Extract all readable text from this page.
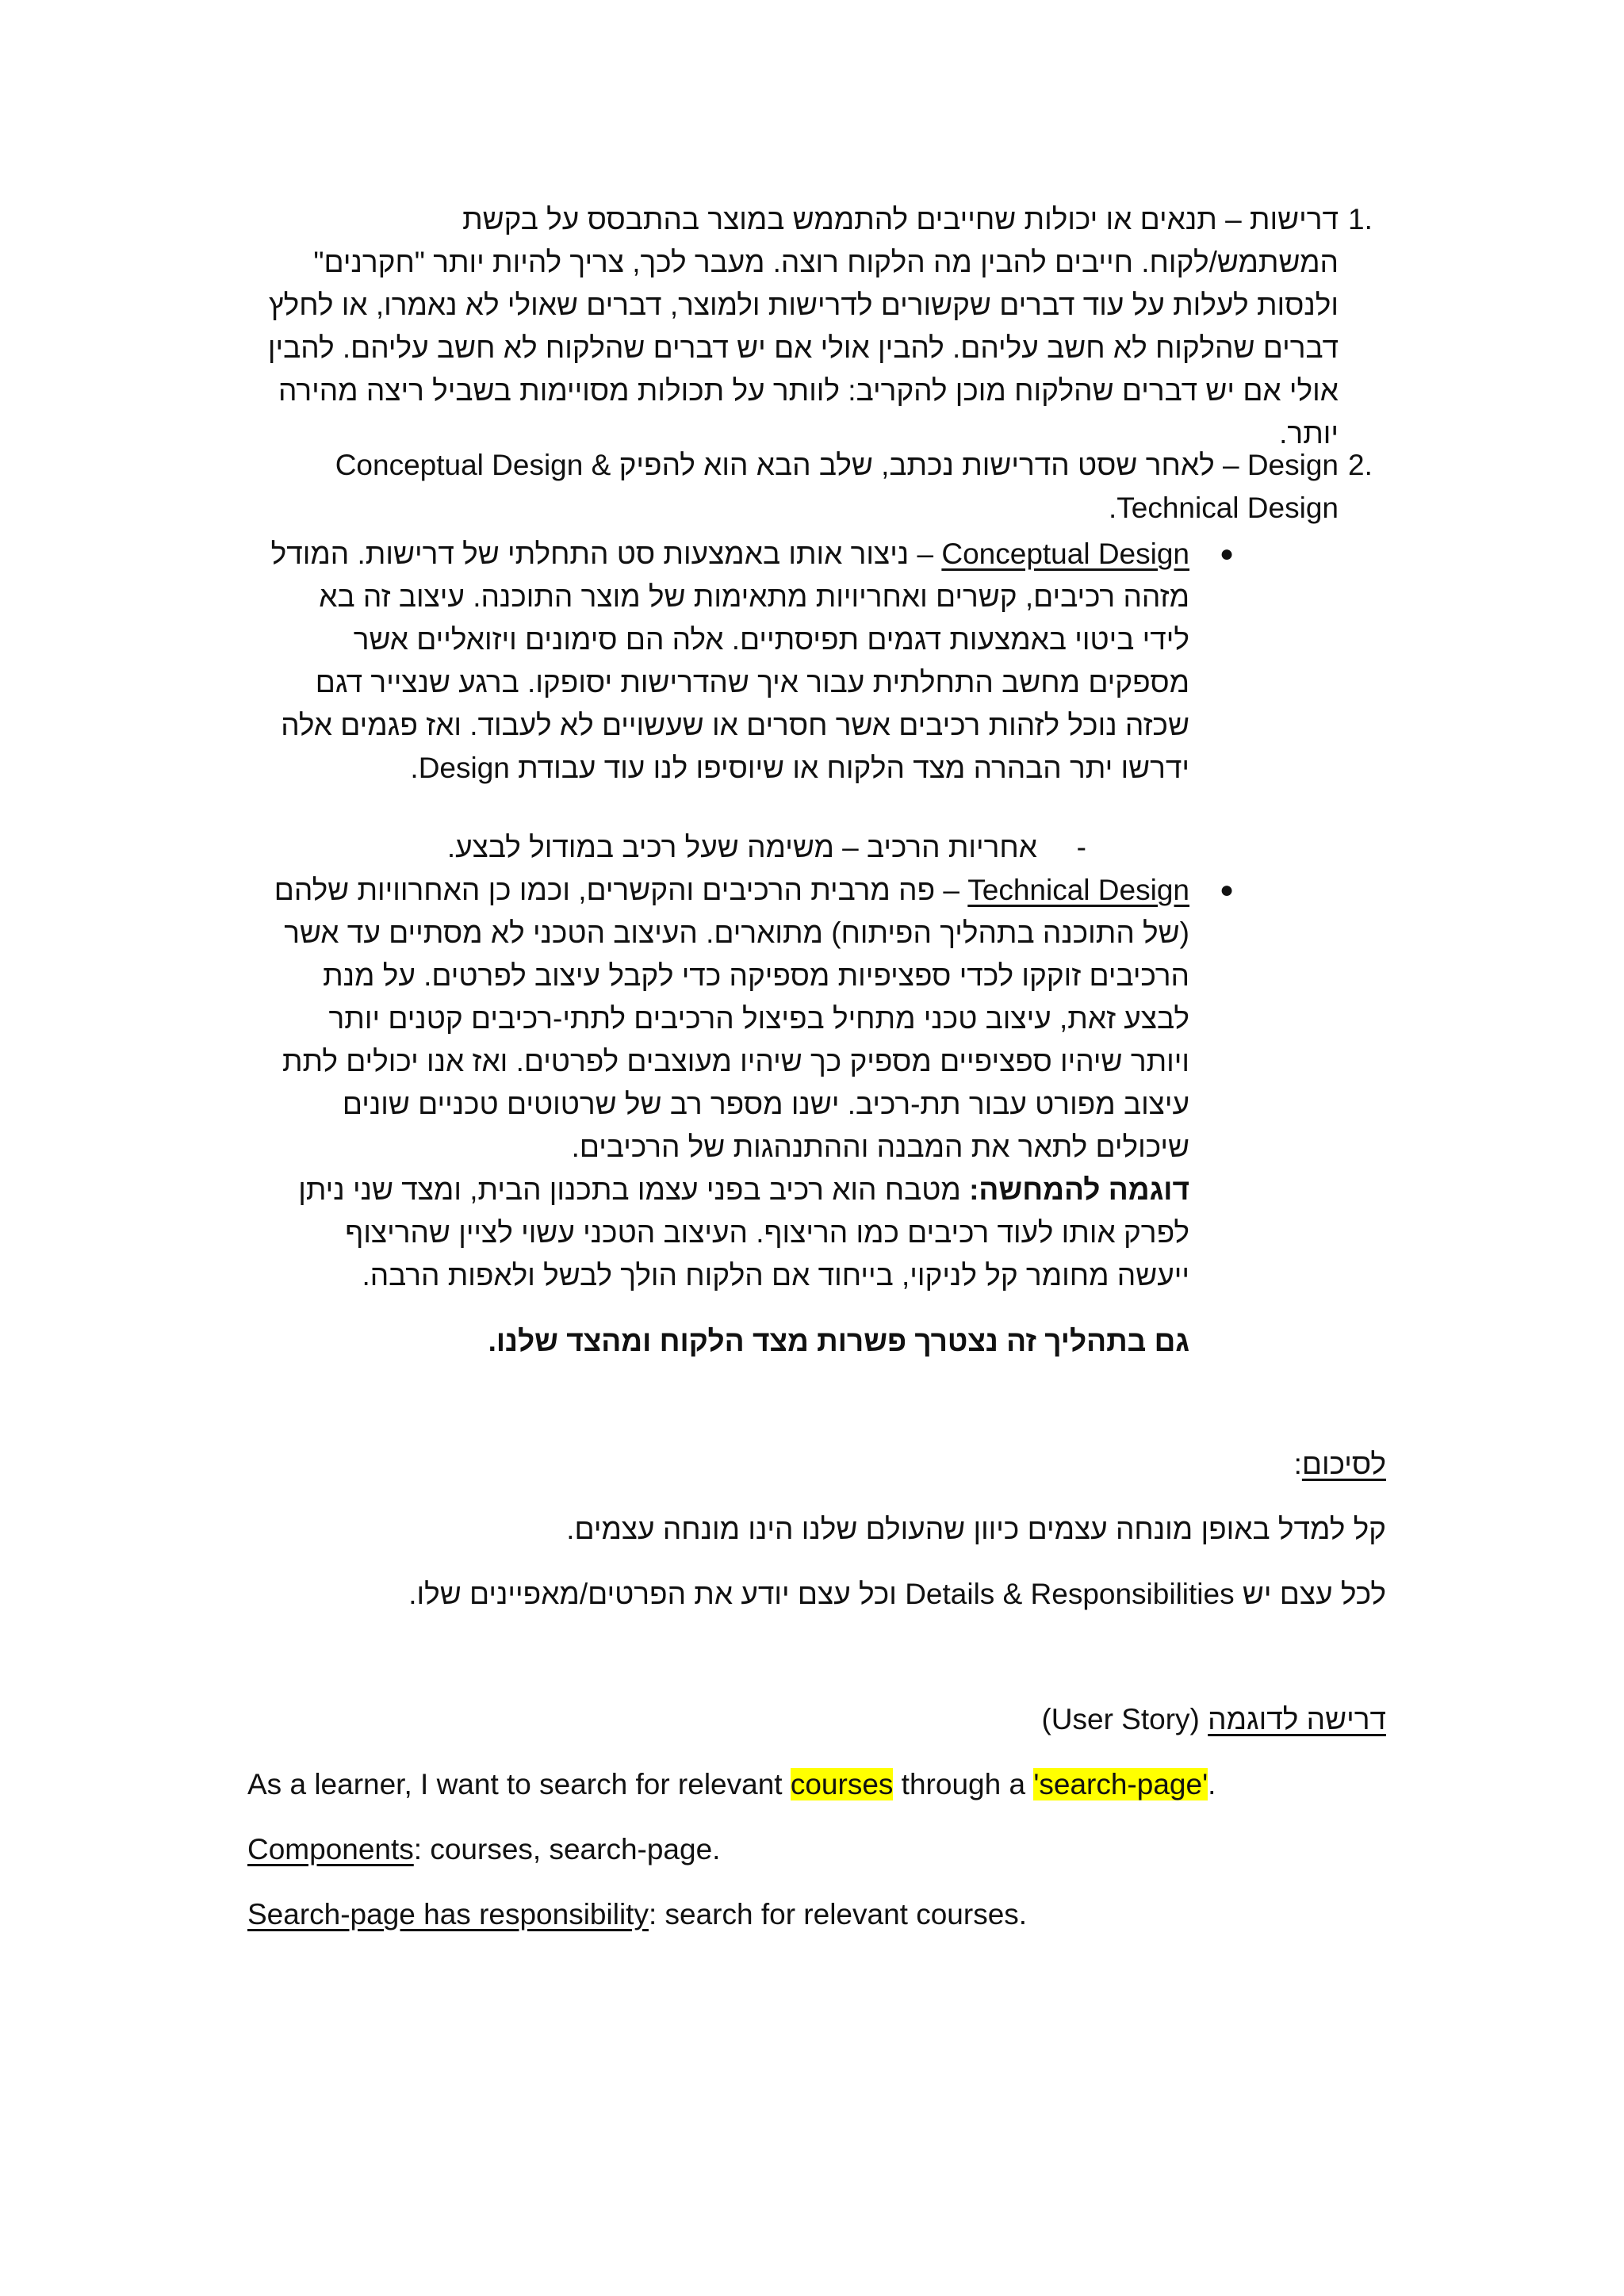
1.
דרישות – תנאים או יכולות שחייבים להתממש במוצר בהתבסס על בקשת המשתמש/לקוח. חייבים להבין מה הלקוח רוצה. מעבר לכך, צריך להיות יותר "חקרנים" ולנסות לעלות על עוד דברים שקשורים לדרישות ולמוצר, דברים שאולי לא נאמרו, או לחלץ דברים שהלקוח לא חשב עליהם. להבין אולי אם יש דברים שהלקוח לא חשב עליהם. להבין אולי אם יש דברים שהלקוח מוכן להקריב: לוותר על תכולות מסויימות בשביל ריצה מהירה יותר.
2.
Design – לאחר שסט הדרישות נכתב, שלב הבא הוא להפיק Conceptual Design & Technical Design.
●
Conceptual Design – ניצור אותו באמצעות סט התחלתי של דרישות. המודל מזהה רכיבים, קשרים ואחריויות מתאימות של מוצר התוכנה. עיצוב זה בא לידי ביטוי באמצעות דגמים תפיסתיים. אלה הם סימונים ויזואליים אשר מספקים מחשב התחלתית עבור איך שהדרישות יסופקו. ברגע שנצייר דגם שכזה נוכל לזהות רכיבים אשר חסרים או שעשויים לא לעבוד. ואז פגמים אלה ידרשו יתר הבהרה מצד הלקוח או שיוסיפו לנו עוד עבודת Design.
-
אחריות הרכיב – משימה שעל רכיב במודול לבצע.
●
Technical Design – פה מרבית הרכיבים והקשרים, וכמו כן האחרוויות שלהם (של התוכנה בתהליך הפיתוח) מתוארים. העיצוב הטכני לא מסתיים עד אשר הרכיבים זוקקו לכדי ספציפיות מספיקה כדי לקבל עיצוב לפרטים. על מנת לבצע זאת, עיצוב טכני מתחיל בפיצול הרכיבים לתתי-רכיבים קטנים יותר ויותר שיהיו ספציפיים מספיק כך שיהיו מעוצבים לפרטים. ואז אנו יכולים לתת עיצוב מפורט עבור תת-רכיב. ישנו מספר רב של שרטוטים טכניים שונים שיכולים לתאר את המבנה וההתנהגות של הרכיבים.
דוגמה להמחשה: מטבח הוא רכיב בפני עצמו בתכנון הבית, ומצד שני ניתן לפרק אותו לעוד רכיבים כמו הריצוף. העיצוב הטכני עשוי לציין שהריצוף ייעשה מחומר קל לניקוי, בייחוד אם הלקוח הולך לבשל ולאפות הרבה.
גם בתהליך זה נצטרך פשרות מצד הלקוח ומהצד שלנו.
לסיכום:
קל למדל באופן מונחה עצמים כיוון שהעולם שלנו הינו מונחה עצמים.
לכל עצם יש Details & Responsibilities וכל עצם יודע את הפרטים/מאפיינים שלו.
דרישה לדוגמה (User Story)
As a learner, I want to search for relevant courses through a 'search-page'.
Components: courses, search-page.
Search-page has responsibility: search for relevant courses.
